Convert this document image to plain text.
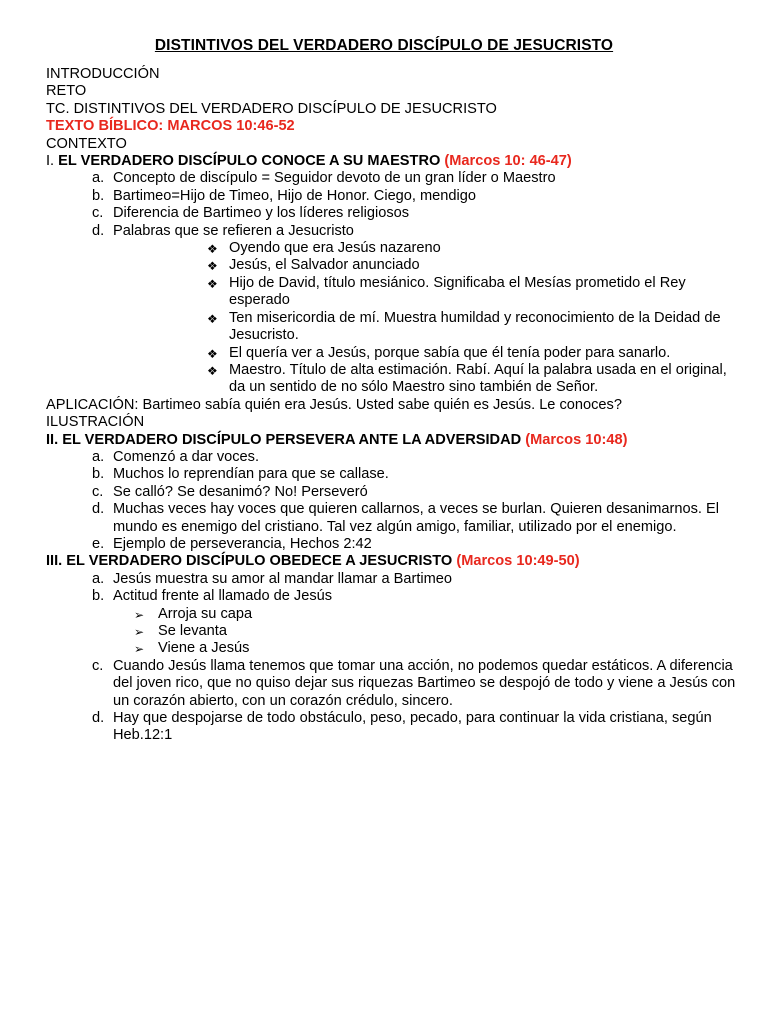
DISTINTIVOS DEL VERDADERO DISCÍPULO DE JESUCRISTO
INTRODUCCIÓN
RETO
TC. DISTINTIVOS DEL VERDADERO DISCÍPULO DE JESUCRISTO
TEXTO BÍBLICO: MARCOS 10:46-52
CONTEXTO
I. EL VERDADERO DISCÍPULO CONOCE A SU MAESTRO (Marcos 10: 46-47)
a. Concepto de discípulo = Seguidor devoto de un gran líder o Maestro
b. Bartimeo=Hijo de Timeo, Hijo de Honor. Ciego, mendigo
c. Diferencia de Bartimeo y los líderes religiosos
d. Palabras que se refieren a Jesucristo
❖ Oyendo que era Jesús nazareno
❖ Jesús, el Salvador anunciado
❖ Hijo de David, título mesiánico. Significaba el Mesías prometido el Rey esperado
❖ Ten misericordia de mí. Muestra humildad y reconocimiento de la Deidad de Jesucristo.
❖ El quería ver a Jesús, porque sabía que él tenía poder para sanarlo.
❖ Maestro. Título de alta estimación. Rabí. Aquí la palabra usada en el original, da un sentido de no sólo Maestro sino también de Señor.
APLICACIÓN: Bartimeo sabía quién era Jesús. Usted sabe quién es Jesús. Le conoces?
ILUSTRACIÓN
II. EL VERDADERO DISCÍPULO PERSEVERA ANTE LA ADVERSIDAD (Marcos 10:48)
a. Comenzó a dar voces.
b. Muchos lo reprendían para que se callase.
c. Se calló? Se desanimó? No! Perseveró
d. Muchas veces hay voces que quieren callarnos, a veces se burlan. Quieren desanimarnos. El mundo es enemigo del cristiano. Tal vez algún amigo, familiar, utilizado por el enemigo.
e. Ejemplo de perseverancia, Hechos 2:42
III. EL VERDADERO DISCÍPULO OBEDECE A JESUCRISTO (Marcos 10:49-50)
a. Jesús muestra su amor al mandar llamar a Bartimeo
b. Actitud frente al llamado de Jesús
➢ Arroja su capa
➢ Se levanta
➢ Viene a Jesús
c. Cuando Jesús llama tenemos que tomar una acción, no podemos quedar estáticos. A diferencia del joven rico, que no quiso dejar sus riquezas Bartimeo se despojó de todo y viene a Jesús con un corazón abierto, con un corazón crédulo, sincero.
d. Hay que despojarse de todo obstáculo, peso, pecado, para continuar la vida cristiana, según Heb.12:1
